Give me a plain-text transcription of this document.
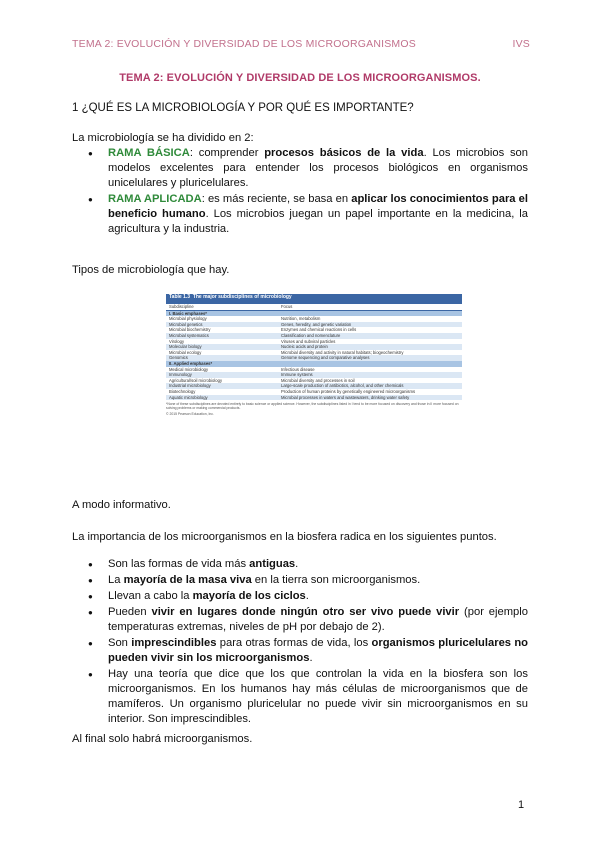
TEMA 2: EVOLUCIÓN Y DIVERSIDAD DE LOS MICROORGANISMOS	IVS
TEMA 2: EVOLUCIÓN Y DIVERSIDAD DE LOS MICROORGANISMOS.
1 ¿QUÉ ES LA MICROBIOLOGÍA Y POR QUÉ ES IMPORTANTE?
La microbiología se ha dividido en 2:
● RAMA BÁSICA: comprender procesos básicos de la vida. Los microbios son modelos excelentes para entender los procesos biológicos en organismos unicelulares y pluricelulares.
● RAMA APLICADA: es más reciente, se basa en aplicar los conocimientos para el beneficio humano. Los microbios juegan un papel importante en la medicina, la agricultura y la industria.
Tipos de microbiología que hay.
Table 1.3 The major subdisciplines of microbiology
Subdiscipline	Focus
I. Basic emphases*
Microbial physiology	Nutrition, metabolism
Microbial genetics	Genes, heredity, and genetic variation
Microbial biochemistry	Enzymes and chemical reactions in cells
Microbial systematics	Classification and nomenclature
Virology	Viruses and subviral particles
Molecular biology	Nucleic acids and protein
Microbial ecology	Microbial diversity and activity in natural habitats; biogeochemistry
Genomics	Genome sequencing and comparative analyses
II. Applied emphases*
Medical microbiology	Infectious disease
Immunology	Immune systems
Agricultural/soil microbiology	Microbial diversity and processes in soil
Industrial microbiology	Large-scale production of antibiotics, alcohol, and other chemicals
Biotechnology	Production of human proteins by genetically engineered microorganisms
Aquatic microbiology	Microbial processes in waters and wastewaters, drinking water safety
*None of these subdisciplines are devoted entirely to basic science or applied science. However, the subdisciplines listed in I tend to be more focused on discovery and those in II more focused on solving problems or making commercial products.
© 2015 Pearson Education, Inc.
A modo informativo.
La importancia de los microorganismos en la biosfera radica en los siguientes puntos.
● Son las formas de vida más antiguas.
● La mayoría de la masa viva en la tierra son microorganismos.
● Llevan a cabo la mayoría de los ciclos.
● Pueden vivir en lugares donde ningún otro ser vivo puede vivir (por ejemplo temperaturas extremas, niveles de pH por debajo de 2).
● Son imprescindibles para otras formas de vida, los organismos pluricelulares no pueden vivir sin los microorganismos.
● Hay una teoría que dice que los que controlan la vida en la biosfera son los microorganismos. En los humanos hay más células de microorganismos que de mamíferos. Un organismo pluricelular no puede vivir sin microorganismos en su interior. Son imprescindibles.
Al final solo habrá microorganismos.
1
